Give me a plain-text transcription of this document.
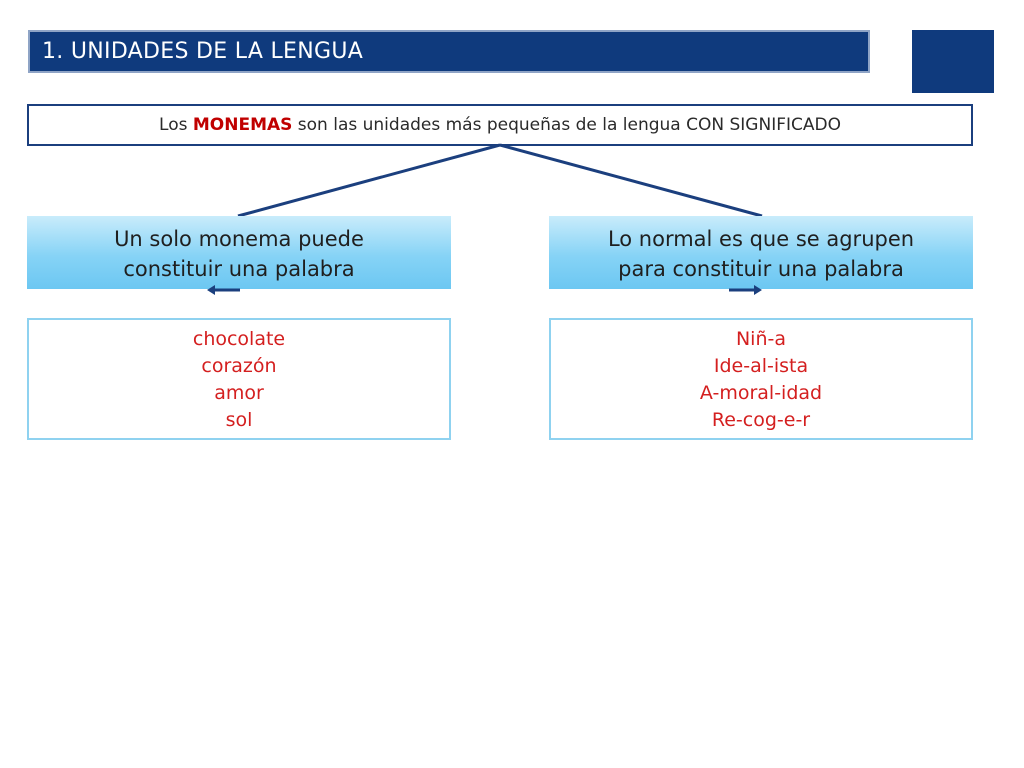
1. UNIDADES DE LA LENGUA
Los MONEMAS son las unidades más pequeñas de la lengua CON SIGNIFICADO
Un solo monema puede
constituir una palabra
Lo normal es que se agrupen
para constituir una palabra
chocolate
corazón
amor
sol
Niñ-a
Ide-al-ista
A-moral-idad
Re-cog-e-r
